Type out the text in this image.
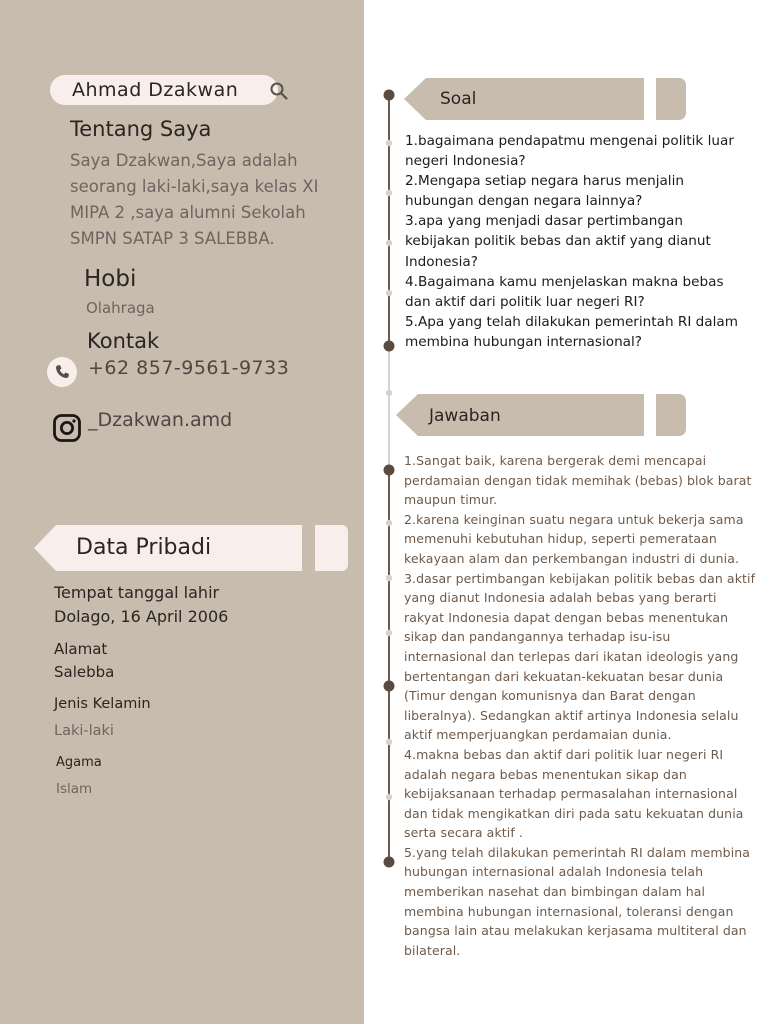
Ahmad Dzakwan
Tentang Saya
Saya Dzakwan,Saya adalah seorang laki-laki,saya kelas XI MIPA 2 ,saya alumni Sekolah SMPN SATAP 3 SALEBBA.
Hobi
Olahraga
Kontak
+62 857-9561-9733
_Dzakwan.amd
Data Pribadi
Tempat tanggal lahir
Dolago, 16 April 2006
Alamat
Salebba
Jenis Kelamin
Laki-laki
Agama
Islam
Soal

1.bagaimana pendapatmu mengenai politik luar negeri Indonesia?

2.Mengapa setiap negara harus menjalin hubungan dengan negara lainnya?

3.apa yang menjadi dasar pertimbangan kebijakan politik bebas dan aktif yang dianut Indonesia?

4.Bagaimana kamu menjelaskan makna bebas dan aktif dari politik luar negeri RI?

5.Apa yang telah dilakukan pemerintah RI dalam membina hubungan internasional?

Jawaban

1.Sangat baik, karena bergerak demi mencapai perdamaian dengan tidak memihak (bebas) blok barat maupun timur.

2.karena keinginan suatu negara untuk bekerja sama memenuhi kebutuhan hidup, seperti pemerataan kekayaan alam dan perkembangan industri di dunia.

3.dasar pertimbangan kebijakan politik bebas dan aktif yang dianut Indonesia adalah bebas yang berarti rakyat Indonesia dapat dengan bebas menentukan sikap dan pandangannya terhadap isu-isu internasional dan terlepas dari ikatan ideologis yang bertentangan dari kekuatan-kekuatan besar dunia (Timur dengan komunisnya dan Barat dengan liberalnya). Sedangkan aktif artinya Indonesia selalu aktif memperjuangkan perdamaian dunia.

4.makna bebas dan aktif dari politik luar negeri RI adalah negara bebas menentukan sikap dan kebijaksanaan terhadap permasalahan internasional dan tidak mengikatkan diri pada satu kekuatan dunia serta secara aktif .

5.yang telah dilakukan pemerintah RI dalam membina hubungan internasional adalah Indonesia telah memberikan nasehat dan bimbingan dalam hal membina hubungan internasional, toleransi dengan bangsa lain atau melakukan kerjasama multiteral dan bilateral.
